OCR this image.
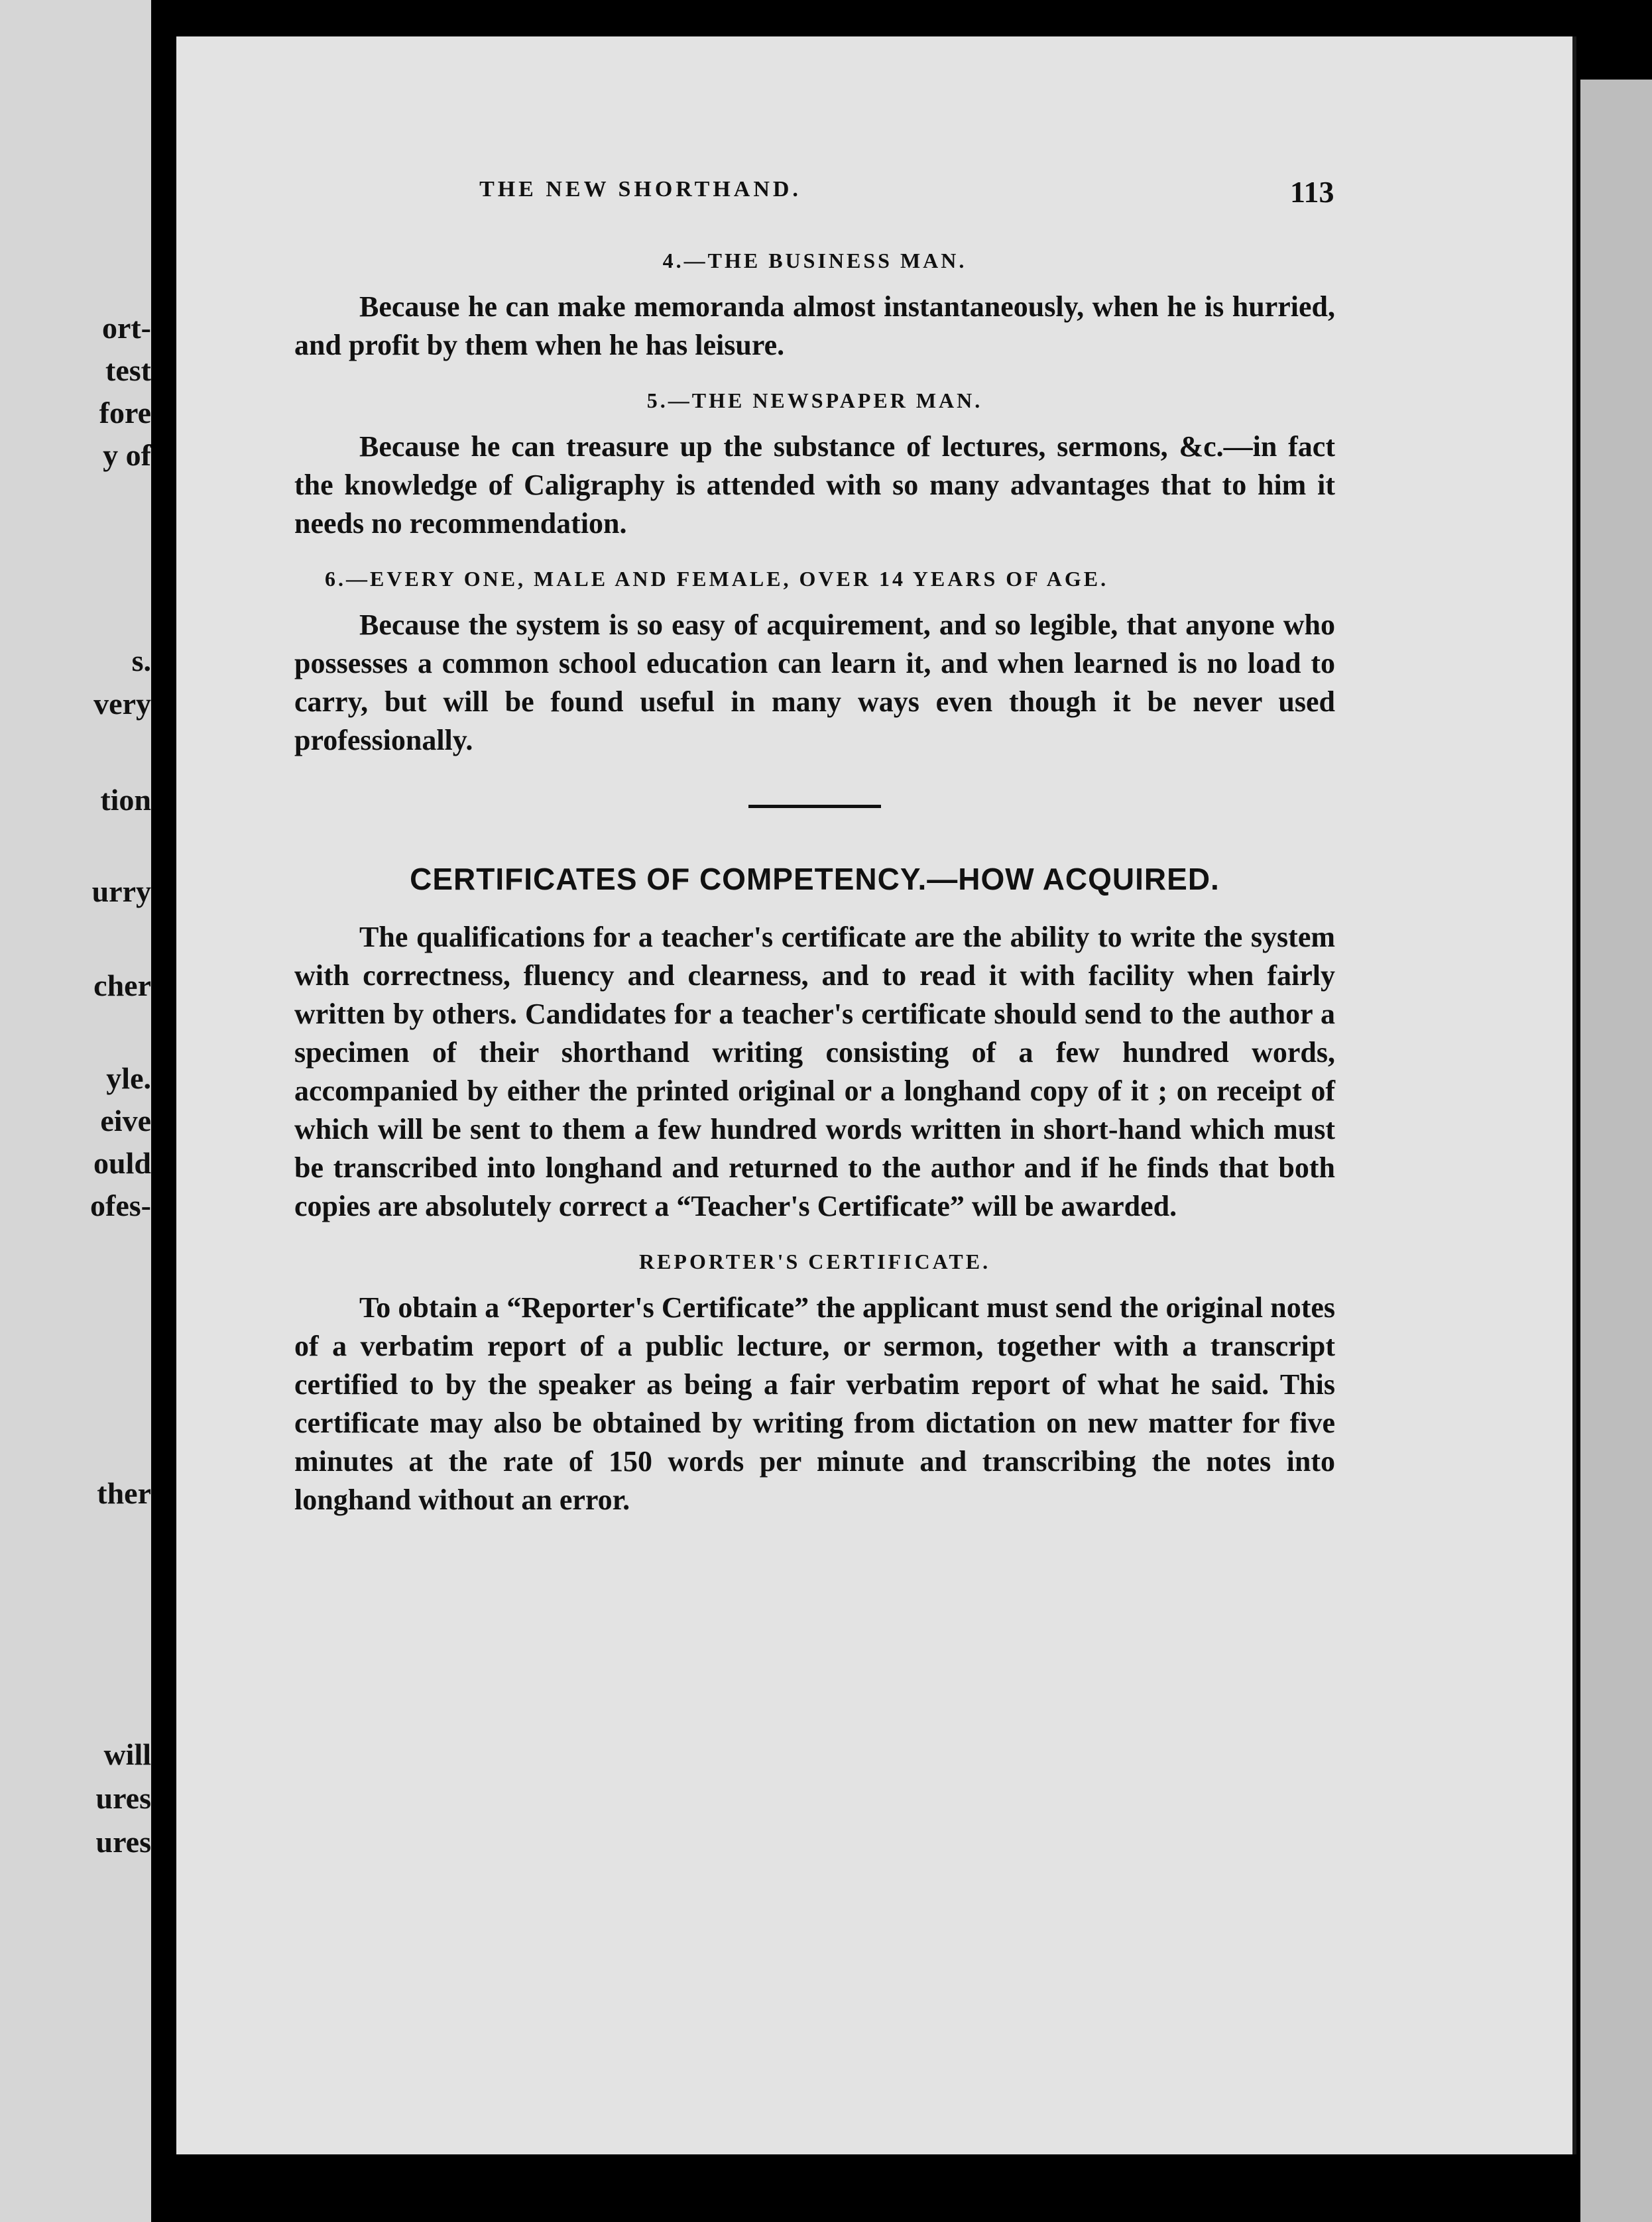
ort-
test
fore
y of
s.
very
tion
urry
cher
yle.
eive
ould
ofes-
ther
will
ures
ures
THE NEW SHORTHAND.	113
4.—THE BUSINESS MAN.

Because he can make memoranda almost instantaneously, when he is hurried, and profit by them when he has leisure.

5.—THE NEWSPAPER MAN.

Because he can treasure up the substance of lectures, sermons, &c.—in fact the knowledge of Caligraphy is attended with so many advantages that to him it needs no recommendation.

6.—EVERY ONE, MALE AND FEMALE, OVER 14 YEARS OF AGE.

Because the system is so easy of acquirement, and so legible, that anyone who possesses a common school education can learn it, and when learned is no load to carry, but will be found useful in many ways even though it be never used professionally.

CERTIFICATES OF COMPETENCY.—HOW ACQUIRED.

The qualifications for a teacher's certificate are the ability to write the system with correctness, fluency and clearness, and to read it with facility when fairly written by others. Candidates for a teacher's certificate should send to the author a specimen of their shorthand writing consisting of a few hundred words, accompanied by either the printed original or a longhand copy of it ; on receipt of which will be sent to them a few hundred words written in short-hand which must be transcribed into longhand and returned to the author and if he finds that both copies are absolutely correct a “Teacher's Certificate” will be awarded.

REPORTER'S CERTIFICATE.

To obtain a “Reporter's Certificate” the applicant must send the original notes of a verbatim report of a public lecture, or sermon, together with a transcript certified to by the speaker as being a fair verbatim report of what he said. This certificate may also be obtained by writing from dictation on new matter for five minutes at the rate of 150 words per minute and transcribing the notes into longhand without an error.
